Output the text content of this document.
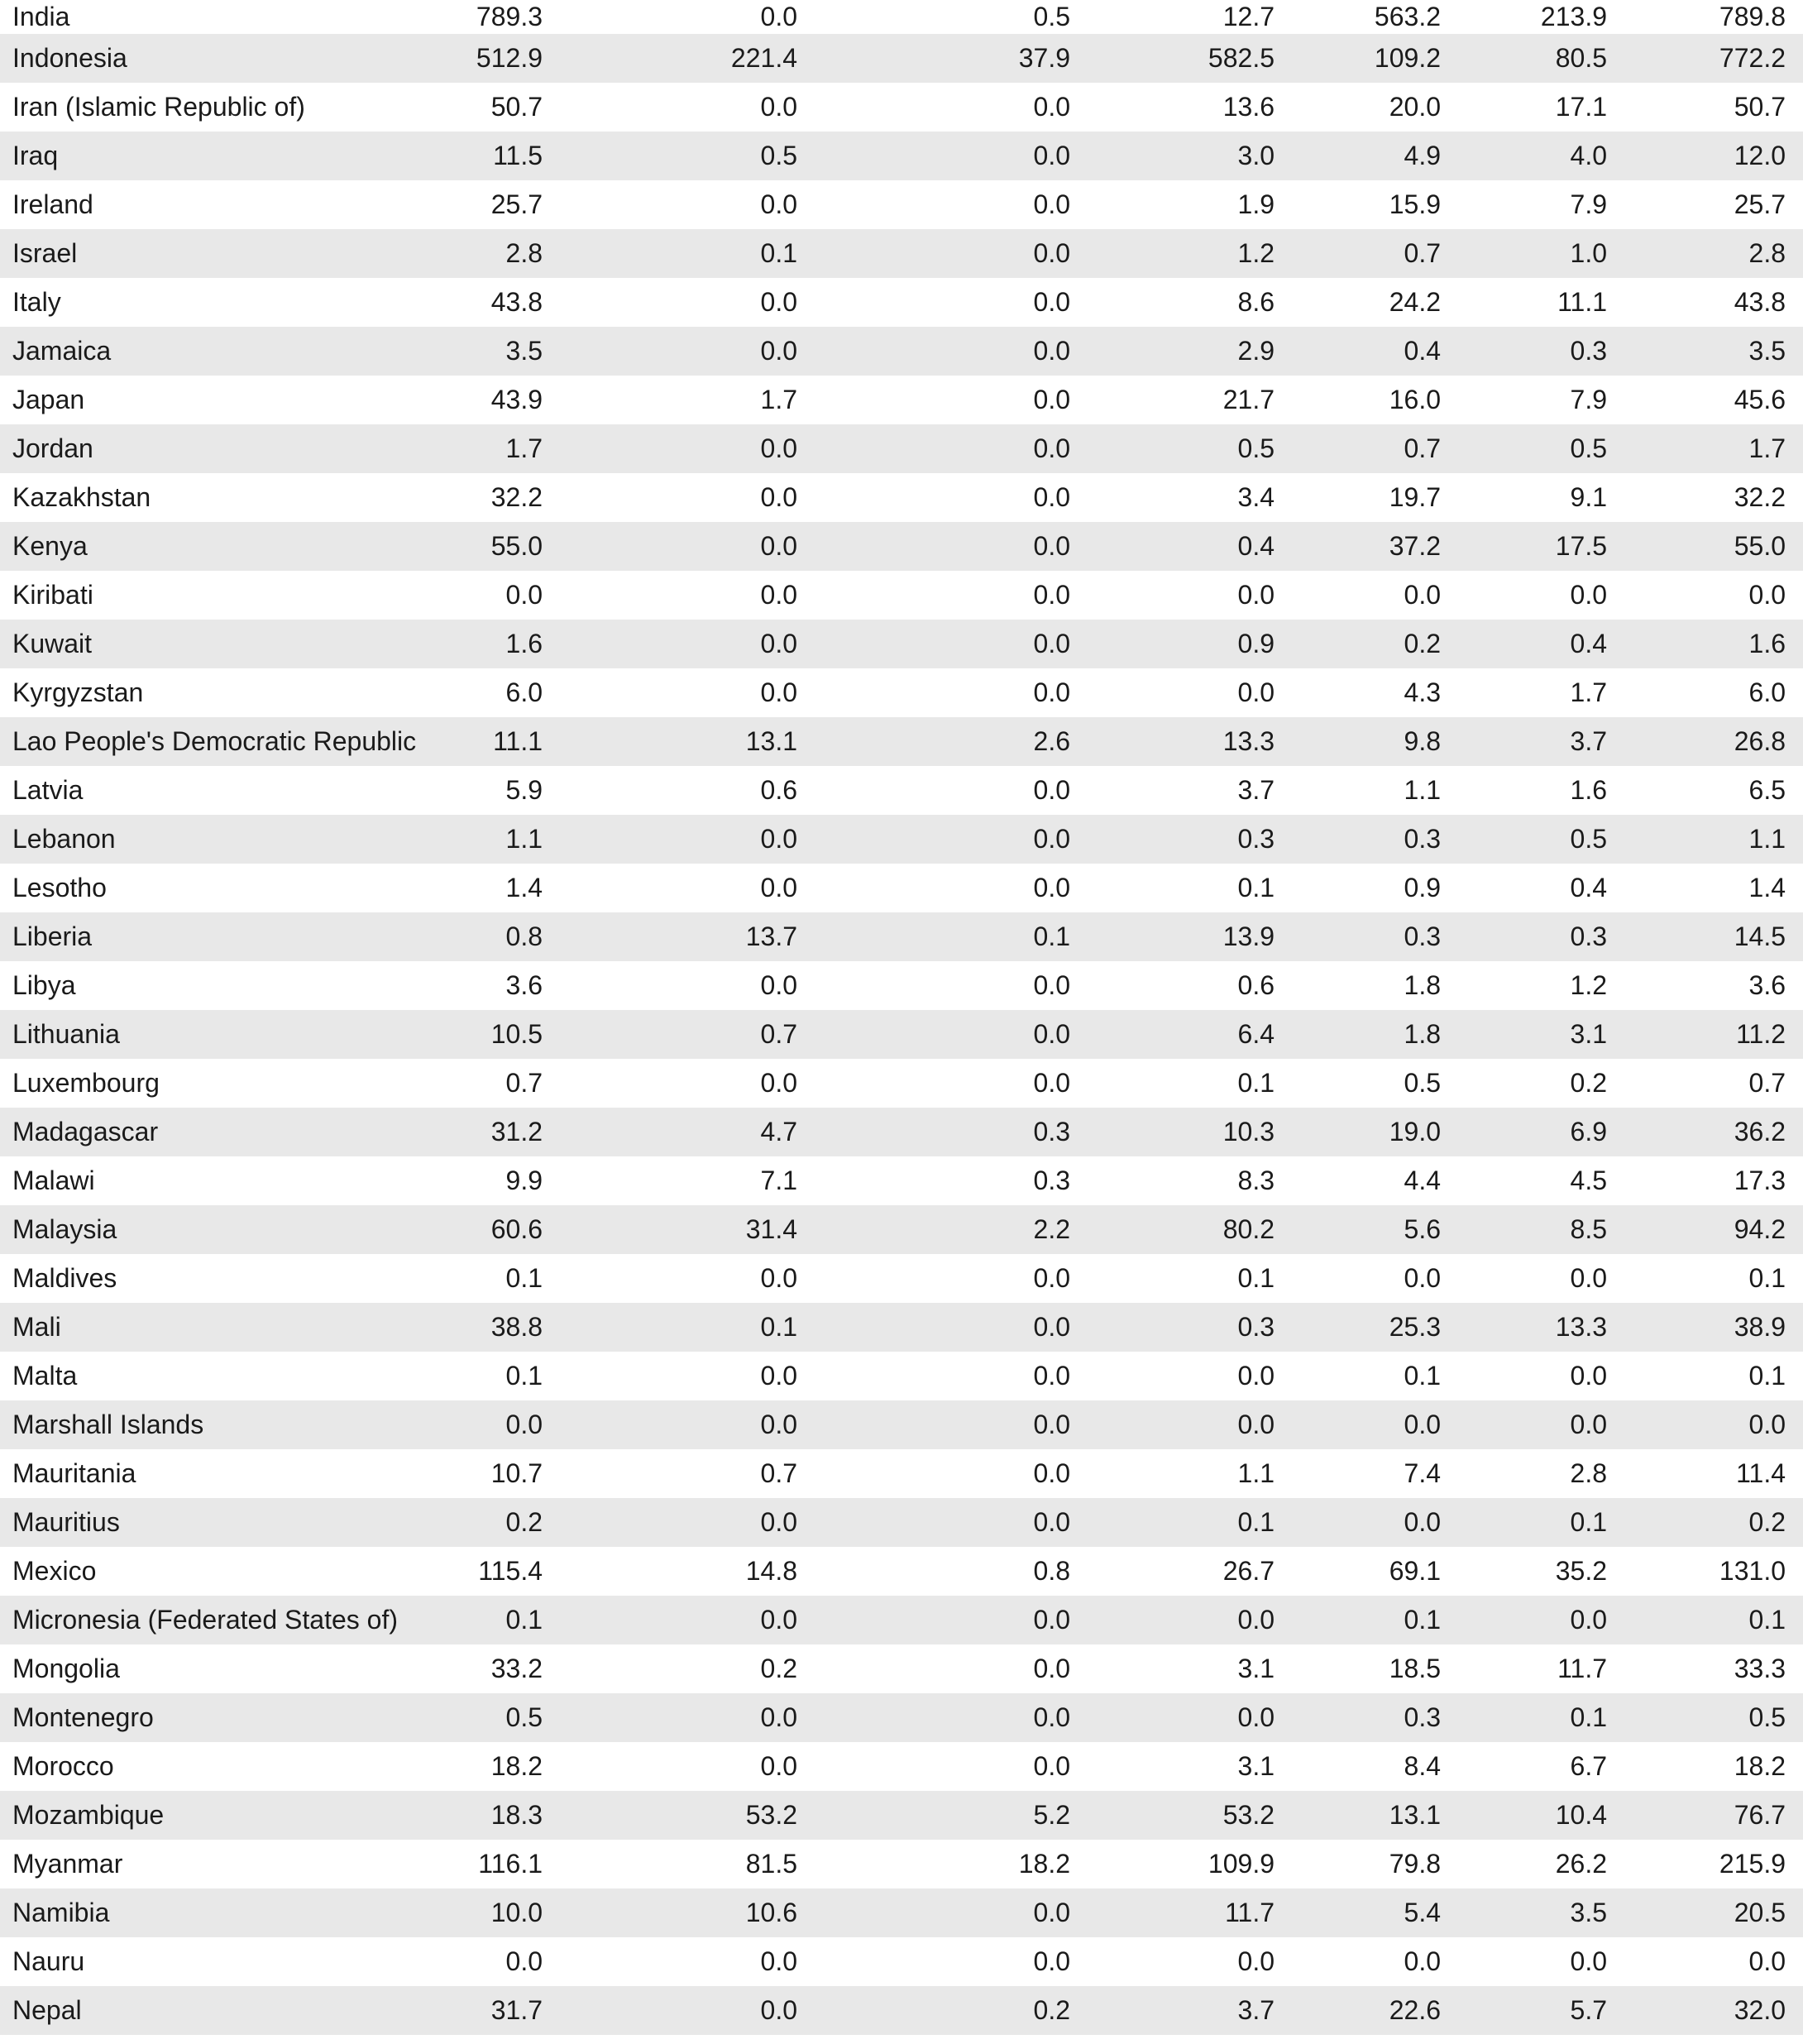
India	789.3	0.0	0.5	12.7	563.2	213.9	789.8
Indonesia	512.9	221.4	37.9	582.5	109.2	80.5	772.2
Iran (Islamic Republic of)	50.7	0.0	0.0	13.6	20.0	17.1	50.7
Iraq	11.5	0.5	0.0	3.0	4.9	4.0	12.0
Ireland	25.7	0.0	0.0	1.9	15.9	7.9	25.7
Israel	2.8	0.1	0.0	1.2	0.7	1.0	2.8
Italy	43.8	0.0	0.0	8.6	24.2	11.1	43.8
Jamaica	3.5	0.0	0.0	2.9	0.4	0.3	3.5
Japan	43.9	1.7	0.0	21.7	16.0	7.9	45.6
Jordan	1.7	0.0	0.0	0.5	0.7	0.5	1.7
Kazakhstan	32.2	0.0	0.0	3.4	19.7	9.1	32.2
Kenya	55.0	0.0	0.0	0.4	37.2	17.5	55.0
Kiribati	0.0	0.0	0.0	0.0	0.0	0.0	0.0
Kuwait	1.6	0.0	0.0	0.9	0.2	0.4	1.6
Kyrgyzstan	6.0	0.0	0.0	0.0	4.3	1.7	6.0
Lao People's Democratic Republic	11.1	13.1	2.6	13.3	9.8	3.7	26.8
Latvia	5.9	0.6	0.0	3.7	1.1	1.6	6.5
Lebanon	1.1	0.0	0.0	0.3	0.3	0.5	1.1
Lesotho	1.4	0.0	0.0	0.1	0.9	0.4	1.4
Liberia	0.8	13.7	0.1	13.9	0.3	0.3	14.5
Libya	3.6	0.0	0.0	0.6	1.8	1.2	3.6
Lithuania	10.5	0.7	0.0	6.4	1.8	3.1	11.2
Luxembourg	0.7	0.0	0.0	0.1	0.5	0.2	0.7
Madagascar	31.2	4.7	0.3	10.3	19.0	6.9	36.2
Malawi	9.9	7.1	0.3	8.3	4.4	4.5	17.3
Malaysia	60.6	31.4	2.2	80.2	5.6	8.5	94.2
Maldives	0.1	0.0	0.0	0.1	0.0	0.0	0.1
Mali	38.8	0.1	0.0	0.3	25.3	13.3	38.9
Malta	0.1	0.0	0.0	0.0	0.1	0.0	0.1
Marshall Islands	0.0	0.0	0.0	0.0	0.0	0.0	0.0
Mauritania	10.7	0.7	0.0	1.1	7.4	2.8	11.4
Mauritius	0.2	0.0	0.0	0.1	0.0	0.1	0.2
Mexico	115.4	14.8	0.8	26.7	69.1	35.2	131.0
Micronesia (Federated States of)	0.1	0.0	0.0	0.0	0.1	0.0	0.1
Mongolia	33.2	0.2	0.0	3.1	18.5	11.7	33.3
Montenegro	0.5	0.0	0.0	0.0	0.3	0.1	0.5
Morocco	18.2	0.0	0.0	3.1	8.4	6.7	18.2
Mozambique	18.3	53.2	5.2	53.2	13.1	10.4	76.7
Myanmar	116.1	81.5	18.2	109.9	79.8	26.2	215.9
Namibia	10.0	10.6	0.0	11.7	5.4	3.5	20.5
Nauru	0.0	0.0	0.0	0.0	0.0	0.0	0.0
Nepal	31.7	0.0	0.2	3.7	22.6	5.7	32.0
